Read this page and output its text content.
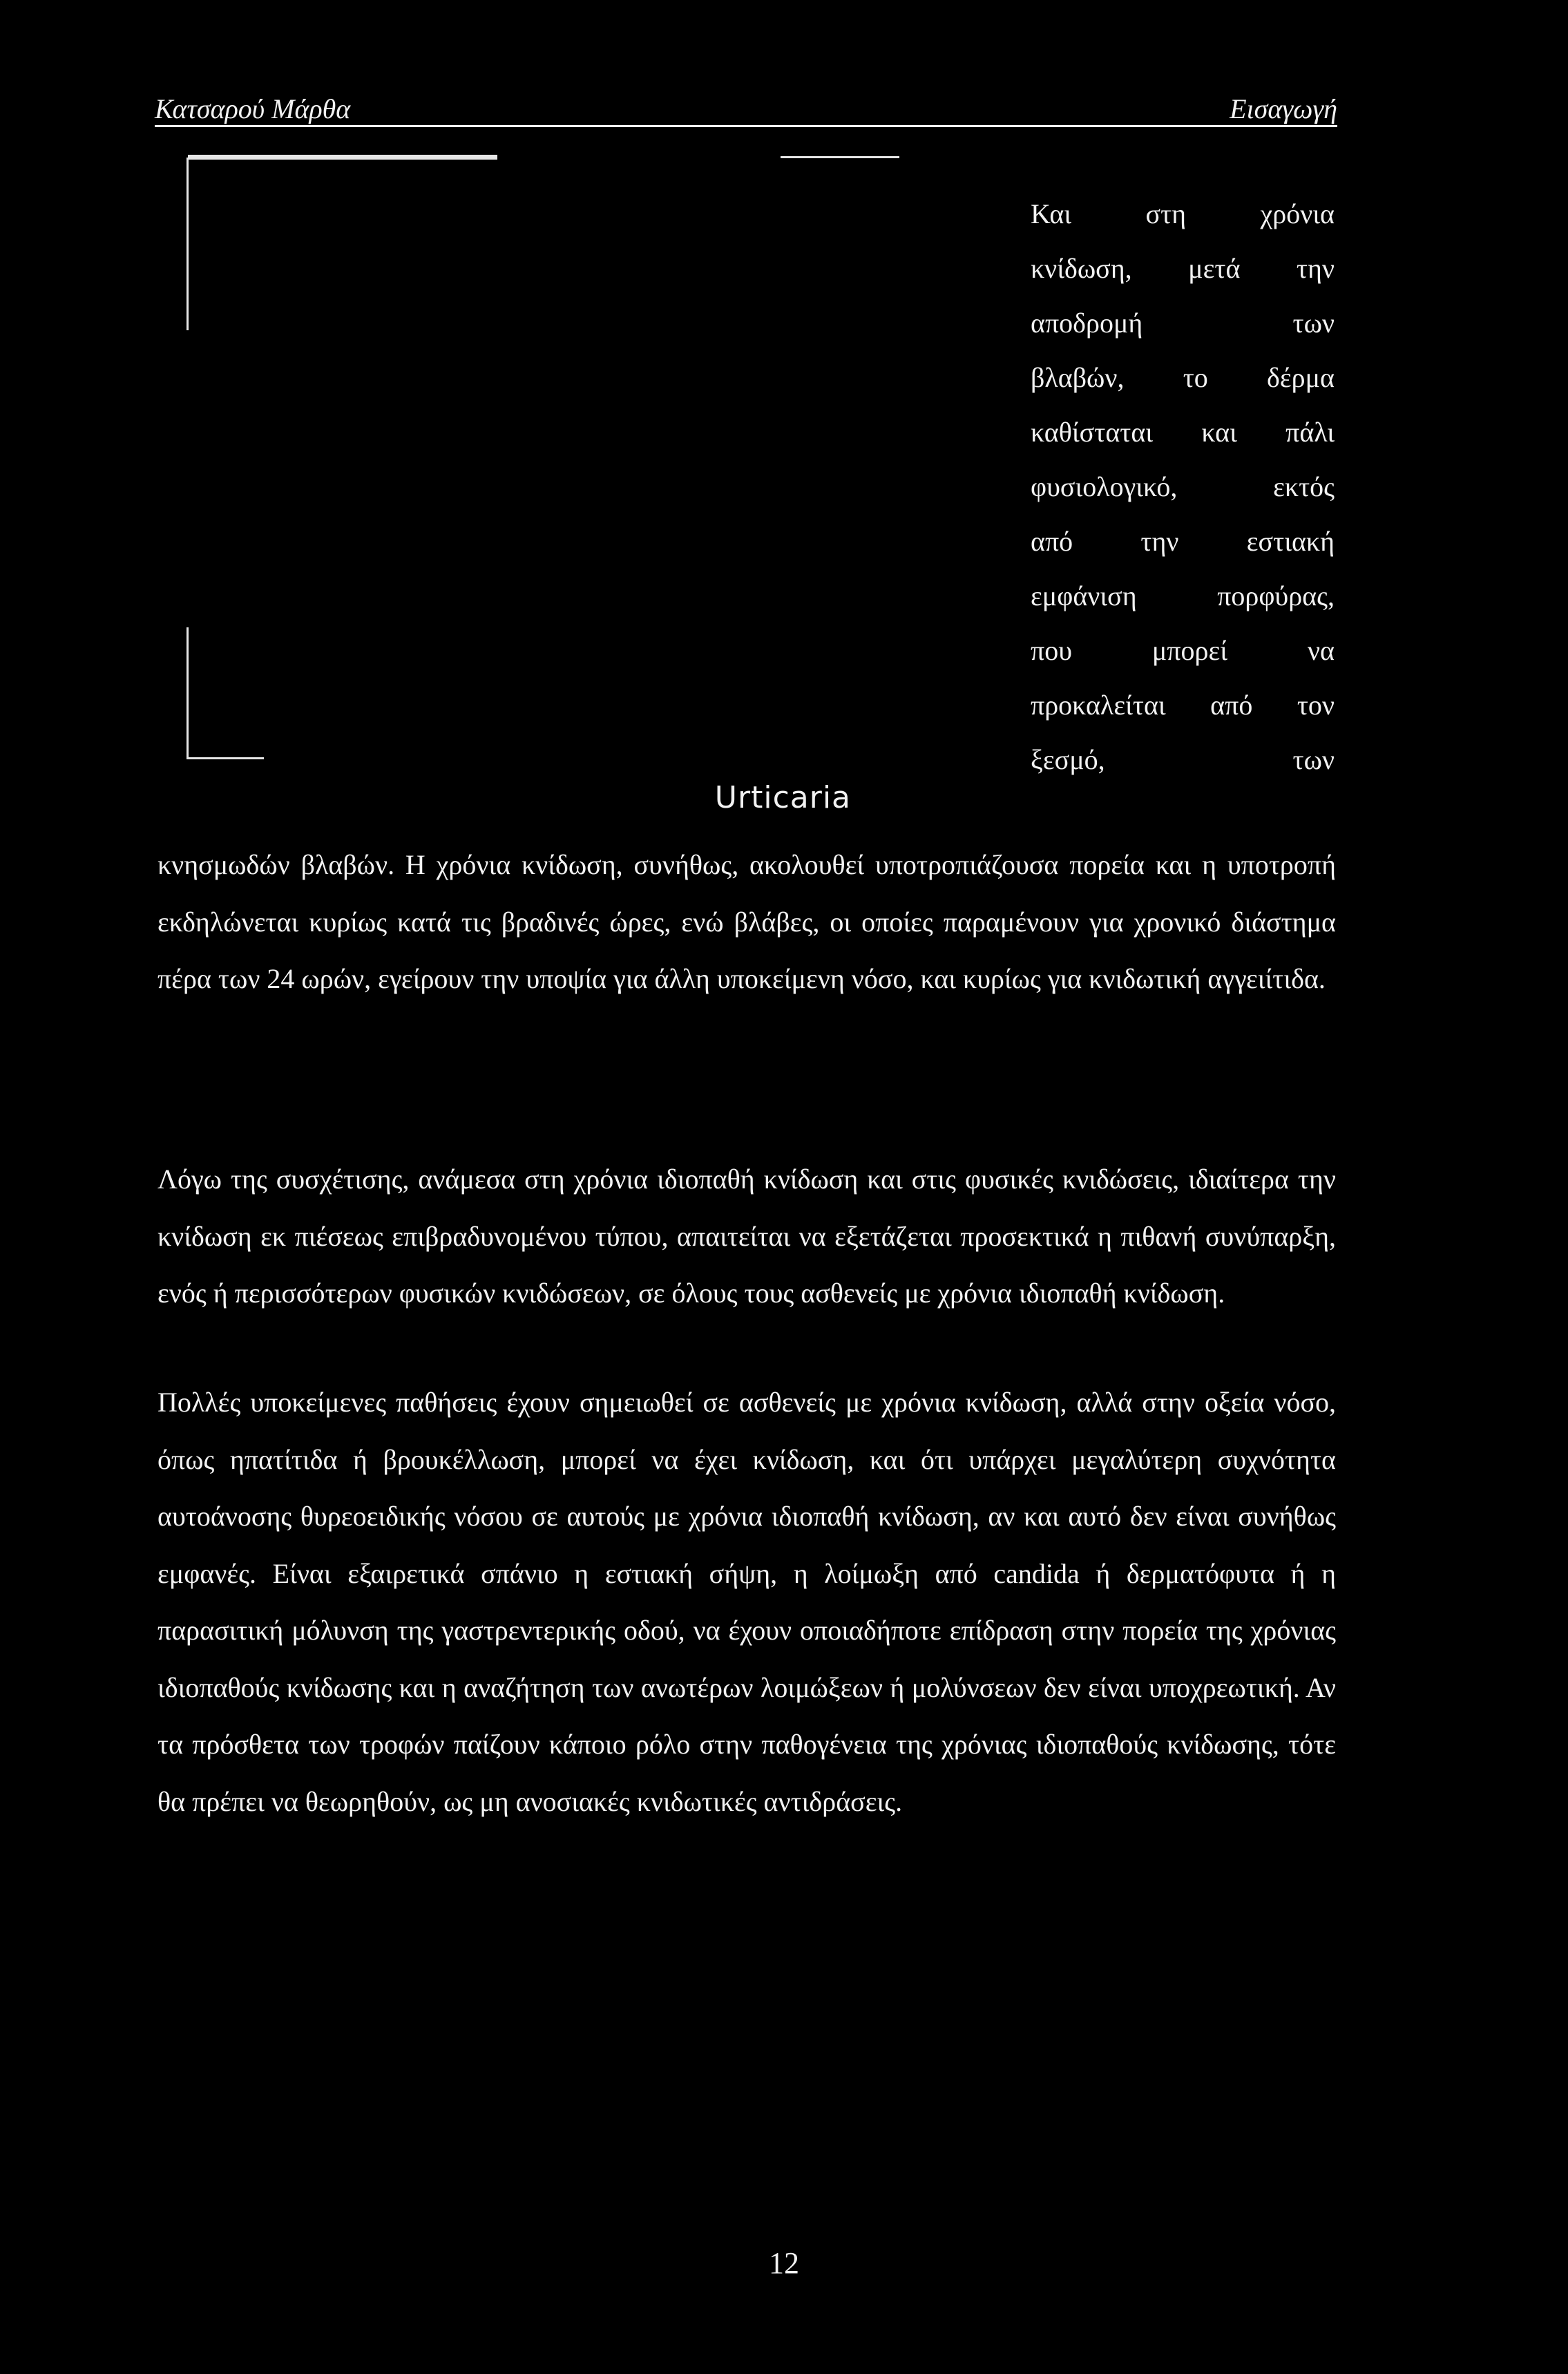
Κατσαρού Μάρθα	Εισαγωγή
Urticaria
Και στη χρόνια
κνίδωση, μετά την
αποδρομή των
βλαβών, το δέρμα
καθίσταται και πάλι
φυσιολογικό, εκτός
από την εστιακή
εμφάνιση πορφύρας,
που μπορεί να
προκαλείται από τον
ξεσμό, των

κνησμωδών βλαβών. Η χρόνια κνίδωση, συνήθως, ακολουθεί υποτροπιάζουσα πορεία και η υποτροπή εκδηλώνεται κυρίως κατά τις βραδινές ώρες, ενώ βλάβες, οι οποίες παραμένουν για χρονικό διάστημα πέρα των 24 ωρών, εγείρουν την υποψία για άλλη υποκείμενη νόσο, και κυρίως για κνιδωτική αγγειίτιδα.

Λόγω της συσχέτισης, ανάμεσα στη χρόνια ιδιοπαθή κνίδωση και στις φυσικές κνιδώσεις, ιδιαίτερα την κνίδωση εκ πιέσεως επιβραδυνομένου τύπου, απαιτείται να εξετάζεται προσεκτικά η πιθανή συνύπαρξη, ενός ή περισσότερων φυσικών κνιδώσεων, σε όλους τους ασθενείς με χρόνια ιδιοπαθή κνίδωση.

Πολλές υποκείμενες παθήσεις έχουν σημειωθεί σε ασθενείς με χρόνια κνίδωση, αλλά στην οξεία νόσο, όπως ηπατίτιδα ή βρουκέλλωση, μπορεί να έχει κνίδωση, και ότι υπάρχει μεγαλύτερη συχνότητα αυτοάνοσης θυρεοειδικής νόσου σε αυτούς με χρόνια ιδιοπαθή κνίδωση, αν και αυτό δεν είναι συνήθως εμφανές. Είναι εξαιρετικά σπάνιο η εστιακή σήψη, η λοίμωξη από candida ή δερματόφυτα ή η παρασιτική μόλυνση της γαστρεντερικής οδού, να έχουν οποιαδήποτε επίδραση στην πορεία της χρόνιας ιδιοπαθούς κνίδωσης και η αναζήτηση των ανωτέρων λοιμώξεων ή μολύνσεων δεν είναι υποχρεωτική. Αν τα πρόσθετα των τροφών παίζουν κάποιο ρόλο στην παθογένεια της χρόνιας ιδιοπαθούς κνίδωσης, τότε θα πρέπει να θεωρηθούν, ως μη ανοσιακές κνιδωτικές αντιδράσεις.

12
